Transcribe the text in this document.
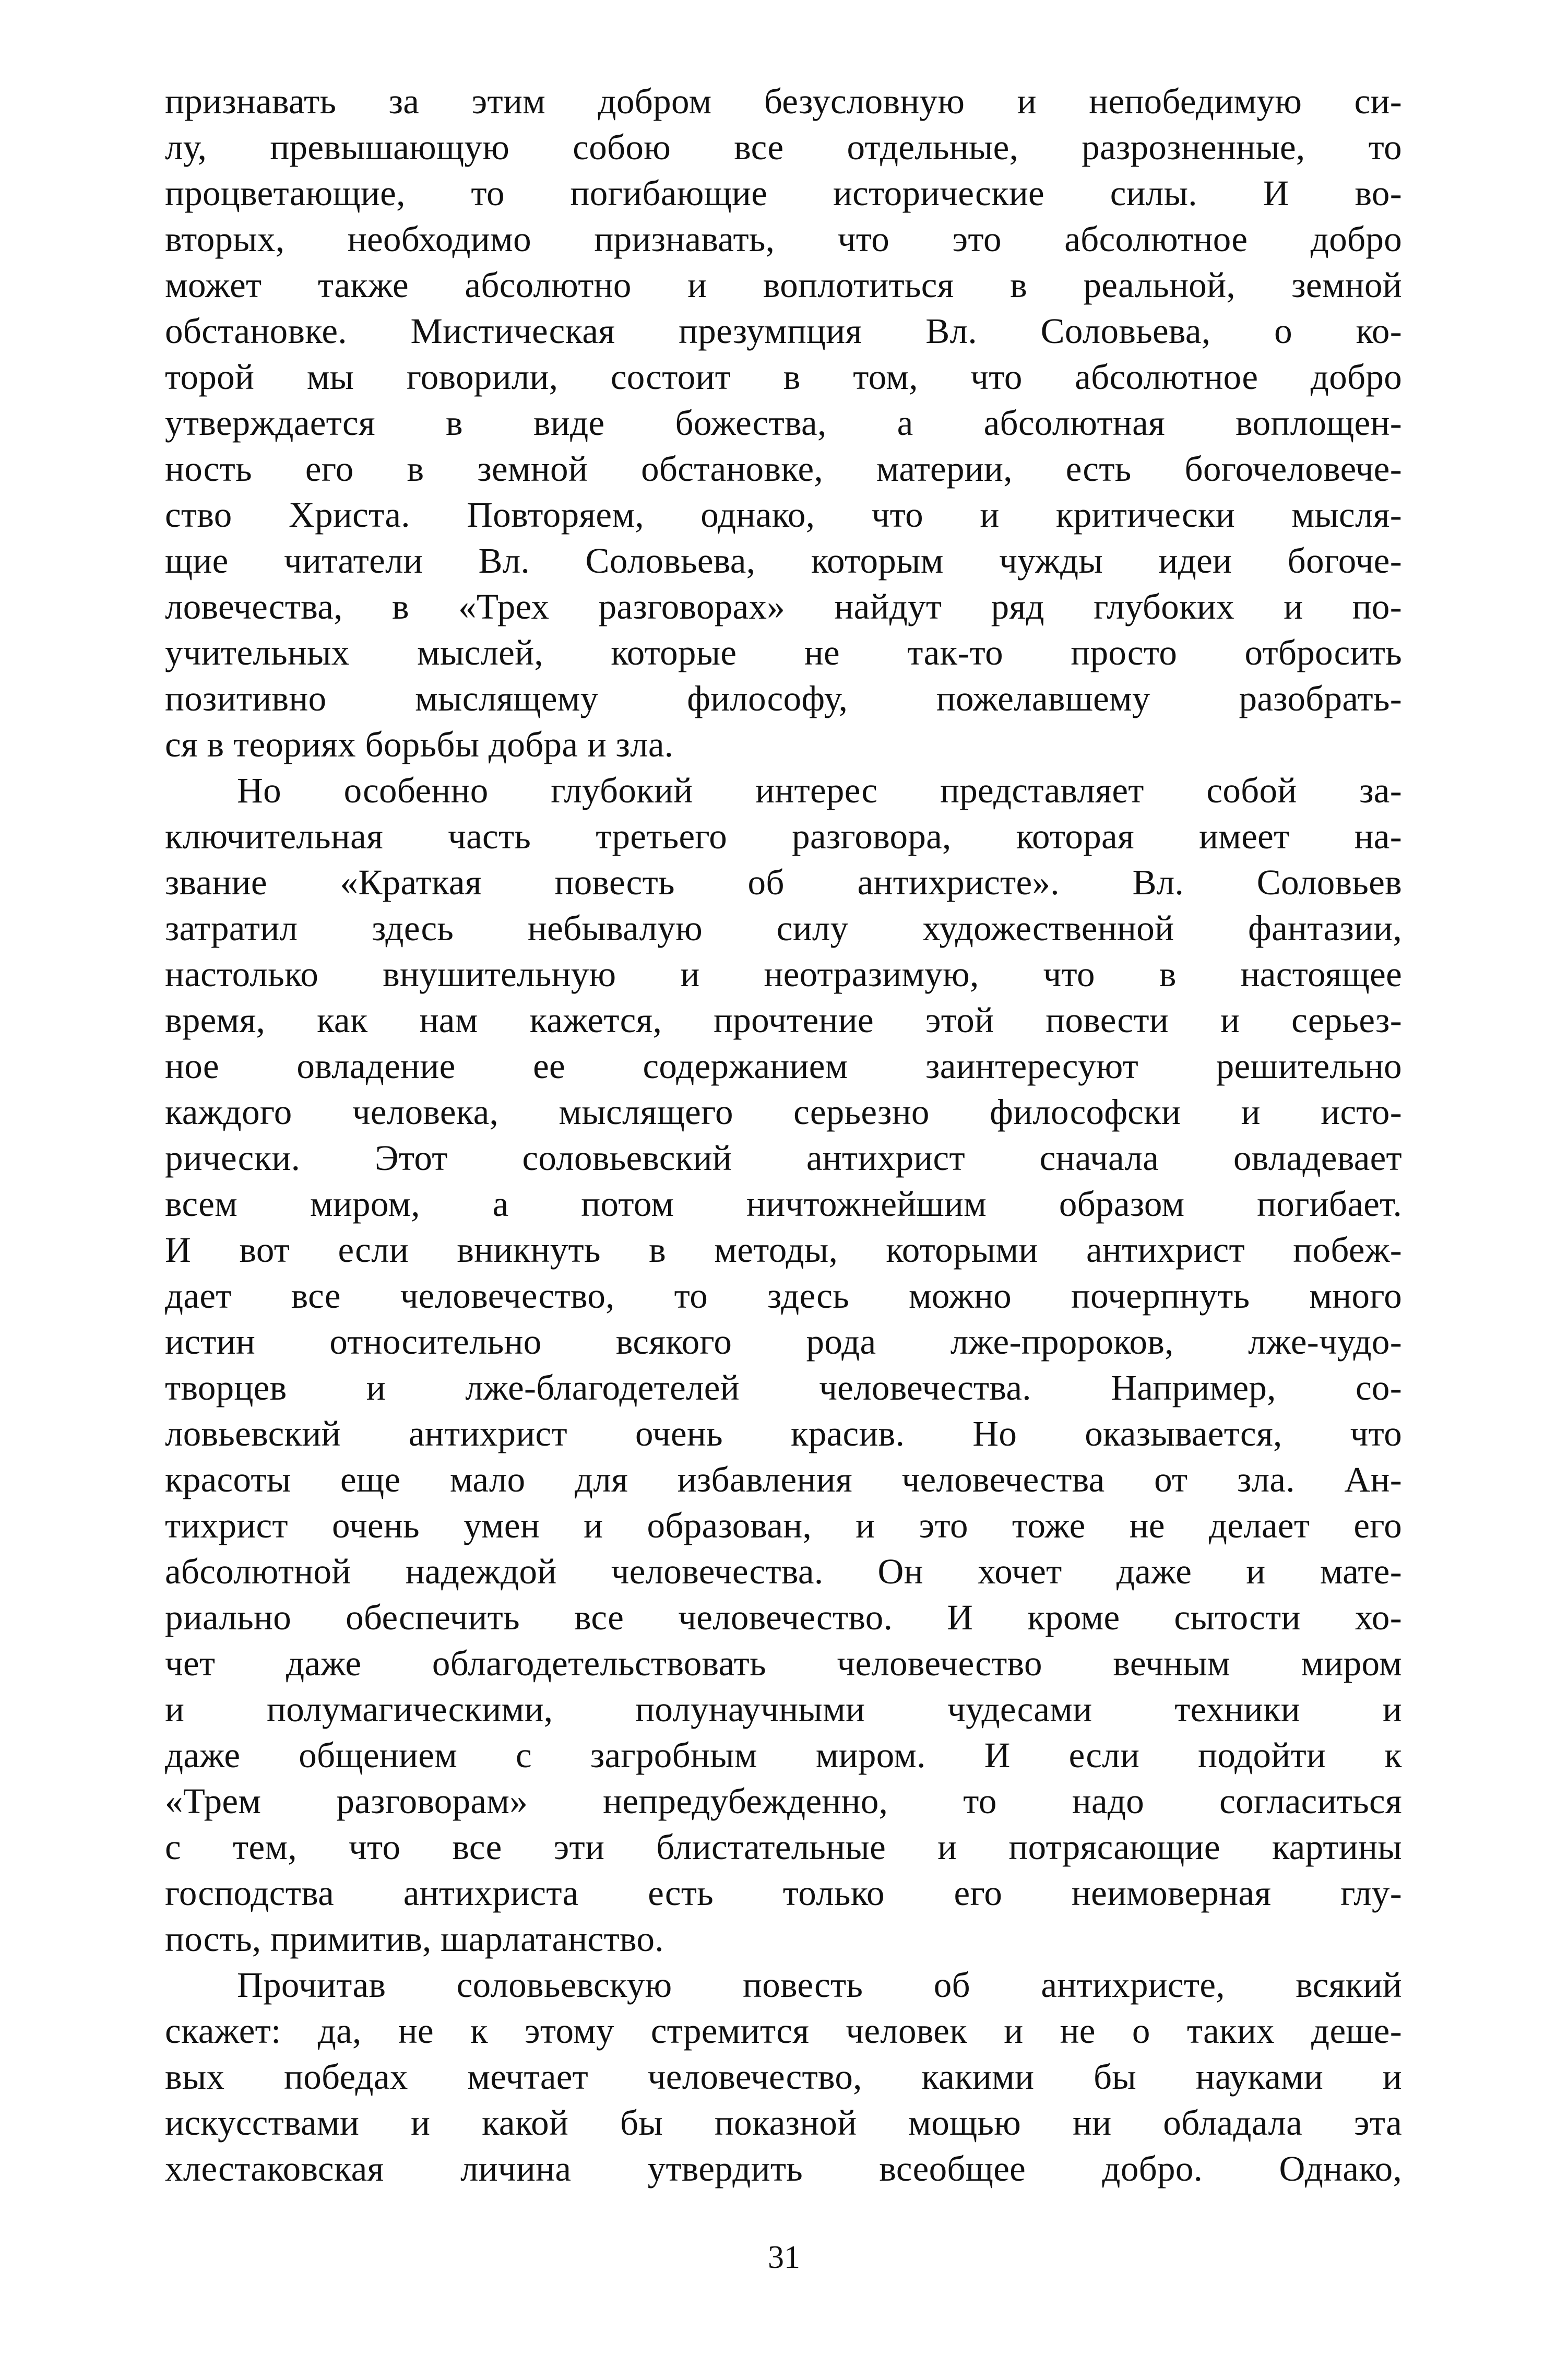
признавать за этим добром безусловную и непобедимую си-
лу, превышающую собою все отдельные, разрозненные, то
процветающие, то погибающие исторические силы. И во-
вторых, необходимо признавать, что это абсолютное добро
может также абсолютно и воплотиться в реальной, земной
обстановке. Мистическая презумпция Вл. Соловьева, о ко-
торой мы говорили, состоит в том, что абсолютное добро
утверждается в виде божества, а абсолютная воплощен-
ность его в земной обстановке, материи, есть богочеловече-
ство Христа. Повторяем, однако, что и критически мысля-
щие читатели Вл. Соловьева, которым чужды идеи богоче-
ловечества, в «Трех разговорах» найдут ряд глубоких и по-
учительных мыслей, которые не так-то просто отбросить
позитивно мыслящему философу, пожелавшему разобрать-
ся в теориях борьбы добра и зла.
Но особенно глубокий интерес представляет собой за-
ключительная часть третьего разговора, которая имеет на-
звание «Краткая повесть об антихристе». Вл. Соловьев
затратил здесь небывалую силу художественной фантазии,
настолько внушительную и неотразимую, что в настоящее
время, как нам кажется, прочтение этой повести и серьез-
ное овладение ее содержанием заинтересуют решительно
каждого человека, мыслящего серьезно философски и исто-
рически. Этот соловьевский антихрист сначала овладевает
всем миром, а потом ничтожнейшим образом погибает.
И вот если вникнуть в методы, которыми антихрист побеж-
дает все человечество, то здесь можно почерпнуть много
истин относительно всякого рода лже-пророков, лже-чудо-
творцев и лже-благодетелей человечества. Например, со-
ловьевский антихрист очень красив. Но оказывается, что
красоты еще мало для избавления человечества от зла. Ан-
тихрист очень умен и образован, и это тоже не делает его
абсолютной надеждой человечества. Он хочет даже и мате-
риально обеспечить все человечество. И кроме сытости хо-
чет даже облагодетельствовать человечество вечным миром
и полумагическими, полунаучными чудесами техники и
даже общением с загробным миром. И если подойти к
«Трем разговорам» непредубежденно, то надо согласиться
с тем, что все эти блистательные и потрясающие картины
господства антихриста есть только его неимоверная глу-
пость, примитив, шарлатанство.
Прочитав соловьевскую повесть об антихристе, всякий
скажет: да, не к этому стремится человек и не о таких деше-
вых победах мечтает человечество, какими бы науками и
искусствами и какой бы показной мощью ни обладала эта
хлестаковская личина утвердить всеобщее добро. Однако,
31
